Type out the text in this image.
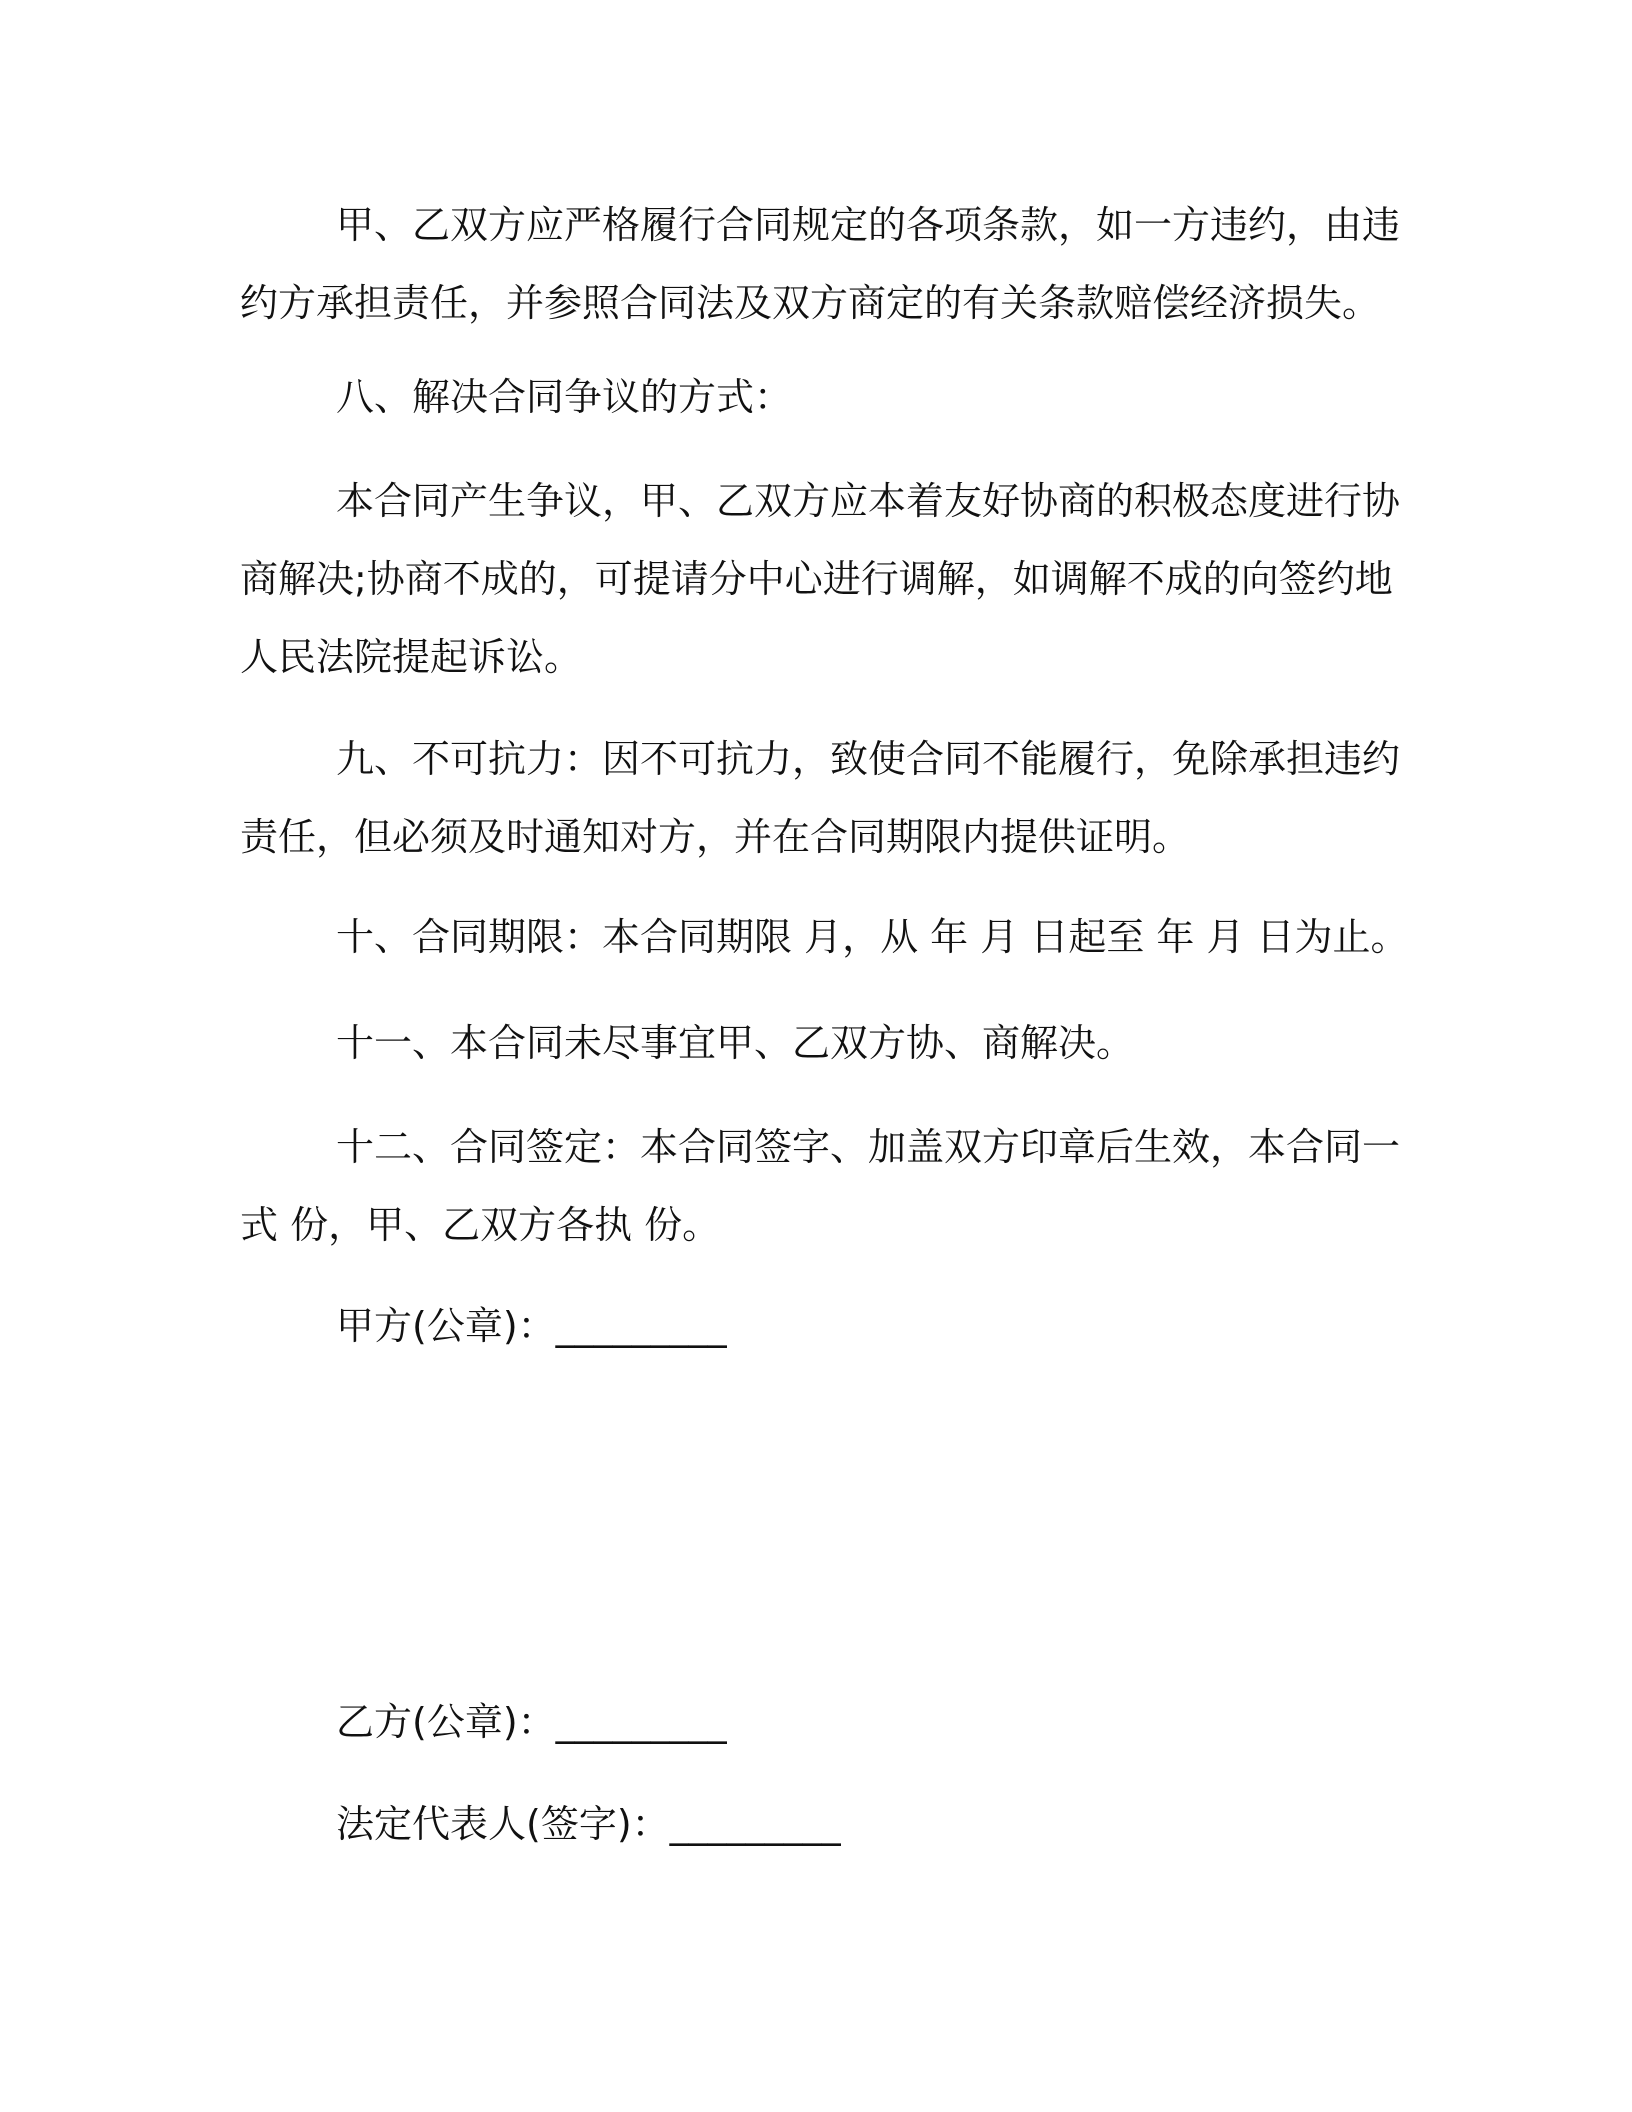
甲、乙双方应严格履行合同规定的各项条款，如一方违约，由违
约方承担责任，并参照合同法及双方商定的有关条款赔偿经济损失。
八、解决合同争议的方式：
本合同产生争议，甲、乙双方应本着友好协商的积极态度进行协
商解决;协商不成的，可提请分中心进行调解，如调解不成的向签约地
人民法院提起诉讼。
九、不可抗力：因不可抗力，致使合同不能履行，免除承担违约
责任，但必须及时通知对方，并在合同期限内提供证明。
十、合同期限：本合同期限 月，从 年 月 日起至 年 月 日为止。
十一、本合同未尽事宜甲、乙双方协、商解决。
十二、合同签定：本合同签字、加盖双方印章后生效，本合同一
式 份，甲、乙双方各执 份。
甲方(公章)：_________
乙方(公章)：_________
法定代表人(签字)：_________
